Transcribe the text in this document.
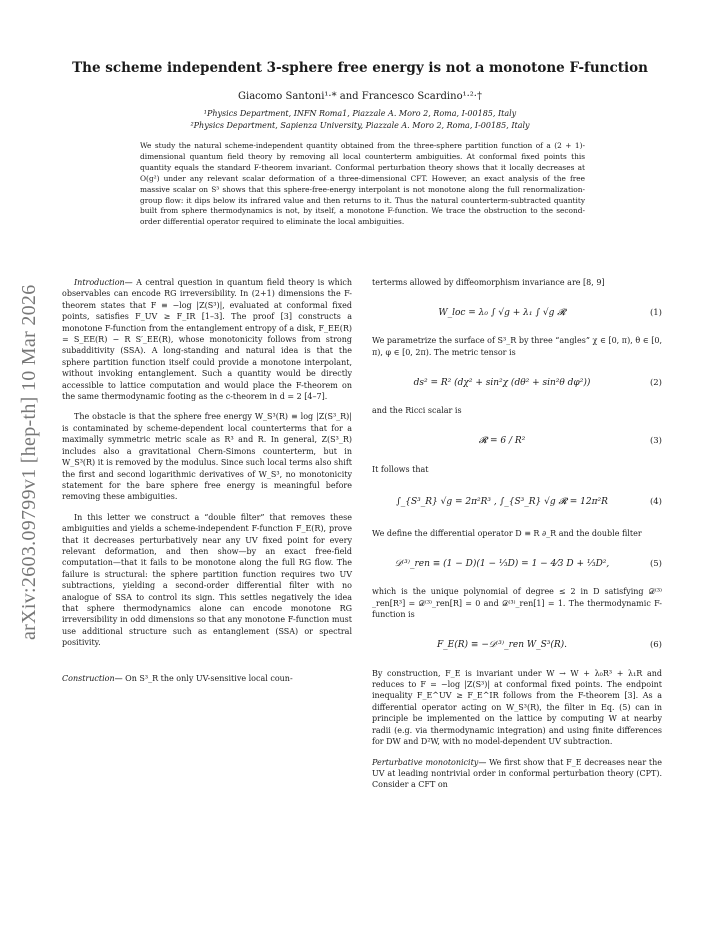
arXiv:2603.09799v1 [hep-th] 10 Mar 2026
The scheme independent 3-sphere free energy is not a monotone F-function
Giacomo Santoni¹·* and Francesco Scardino¹·²·†
¹Physics Department, INFN Roma1, Piazzale A. Moro 2, Roma, I-00185, Italy
²Physics Department, Sapienza University, Piazzale A. Moro 2, Roma, I-00185, Italy
We study the natural scheme-independent quantity obtained from the three-sphere partition function of a (2 + 1)-dimensional quantum field theory by removing all local counterterm ambiguities. At conformal fixed points this quantity equals the standard F-theorem invariant. Conformal perturbation theory shows that it locally decreases at O(g²) under any relevant scalar deformation of a three-dimensional CFT. However, an exact analysis of the free massive scalar on S³ shows that this sphere-free-energy interpolant is not monotone along the full renormalization-group flow: it dips below its infrared value and then returns to it. Thus the natural counterterm-subtracted quantity built from sphere thermodynamics is not, by itself, a monotone F-function. We trace the obstruction to the second-order differential operator required to eliminate the local ambiguities.

Introduction— A central question in quantum field theory is which observables can encode RG irreversibility. In (2+1) dimensions the F-theorem states that F ≡ −log |Z(S³)|, evaluated at conformal fixed points, satisfies F_UV ≥ F_IR [1–3]. The proof [3] constructs a monotone F-function from the entanglement entropy of a disk, F_EE(R) = S_EE(R) − R S′_EE(R), whose monotonicity follows from strong subadditivity (SSA). A long-standing and natural idea is that the sphere partition function itself could provide a monotone interpolant, without invoking entanglement. Such a quantity would be directly accessible to lattice computation and would place the F-theorem on the same thermodynamic footing as the c-theorem in d = 2 [4–7].

The obstacle is that the sphere free energy W_S³(R) ≡ log |Z(S³_R)| is contaminated by scheme-dependent local counterterms that for a maximally symmetric metric scale as R³ and R. In general, Z(S³_R) includes also a gravitational Chern-Simons counterterm, but in W_S³(R) it is removed by the modulus. Since such local terms also shift the first and second logarithmic derivatives of W_S³, no monotonicity statement for the bare sphere free energy is meaningful before removing these ambiguities.

In this letter we construct a “double filter” that removes these ambiguities and yields a scheme-independent F-function F_E(R), prove that it decreases perturbatively near any UV fixed point for every relevant deformation, and then show—by an exact free-field computation—that it fails to be monotone along the full RG flow. The failure is structural: the sphere partition function requires two UV subtractions, yielding a second-order differential filter with no analogue of SSA to control its sign. This settles negatively the idea that sphere thermodynamics alone can encode monotone RG irreversibility in odd dimensions so that any monotone F-function must use additional structure such as entanglement (SSA) or spectral positivity.

Construction— On S³_R the only UV-sensitive local coun-

terterms allowed by diffeomorphism invariance are [8, 9]

W_loc = λ₀ ∫ √g + λ₁ ∫ √g 𝓡	(1)

We parametrize the surface of S³_R by three “angles” χ ∈ [0, π), θ ∈ [0, π), φ ∈ [0, 2π). The metric tensor is

ds² = R² (dχ² + sin²χ (dθ² + sin²θ dφ²))	(2)

and the Ricci scalar is

𝓡 = 6 / R²	(3)

It follows that

∫_{S³_R} √g = 2π²R³ , ∫_{S³_R} √g 𝓡 = 12π²R	(4)

We define the differential operator D ≡ R ∂_R and the double filter

𝒟⁽³⁾_ren ≡ (1 − D)(1 − ⅓D) = 1 − 4⁄3 D + ⅓D²,	(5)

which is the unique polynomial of degree ≤ 2 in D satisfying 𝒟⁽³⁾_ren[R³] = 𝒟⁽³⁾_ren[R] = 0 and 𝒟⁽³⁾_ren[1] = 1. The thermodynamic F-function is

F_E(R) ≡ −𝒟⁽³⁾_ren W_S³(R).	(6)

By construction, F_E is invariant under W → W + λ₀R³ + λ₁R and reduces to F = −log |Z(S³)| at conformal fixed points. The endpoint inequality F_E^UV ≥ F_E^IR follows from the F-theorem [3]. As a differential operator acting on W_S³(R), the filter in Eq. (5) can in principle be implemented on the lattice by computing W at nearby radii (e.g. via thermodynamic integration) and using finite differences for DW and D²W, with no model-dependent UV subtraction.

Perturbative monotonicity— We first show that F_E decreases near the UV at leading nontrivial order in conformal perturbation theory (CPT). Consider a CFT on
